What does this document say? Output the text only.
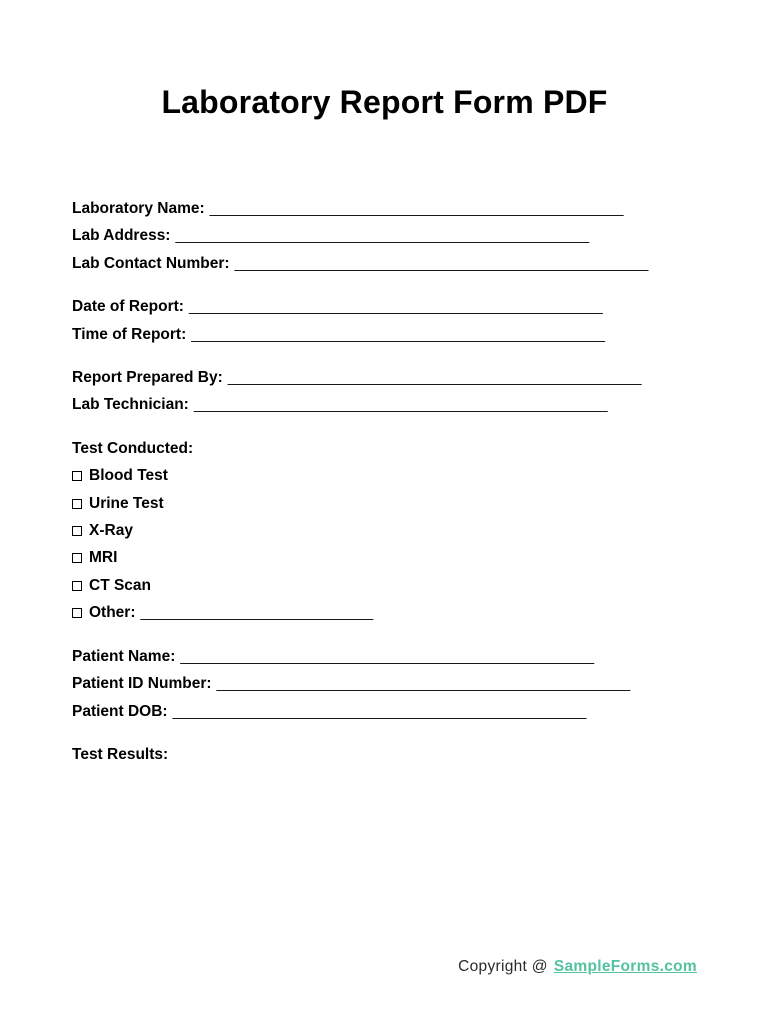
Laboratory Report Form PDF
Laboratory Name: ________________________________________________
Lab Address: ________________________________________________
Lab Contact Number: ________________________________________________
Date of Report: ________________________________________________
Time of Report: ________________________________________________
Report Prepared By: ________________________________________________
Lab Technician: ________________________________________________
Test Conducted:
Blood Test
Urine Test
X-Ray
MRI
CT Scan
Other: ___________________________
Patient Name: ________________________________________________
Patient ID Number: ________________________________________________
Patient DOB: ________________________________________________
Test Results:
Copyright @ SampleForms.com
